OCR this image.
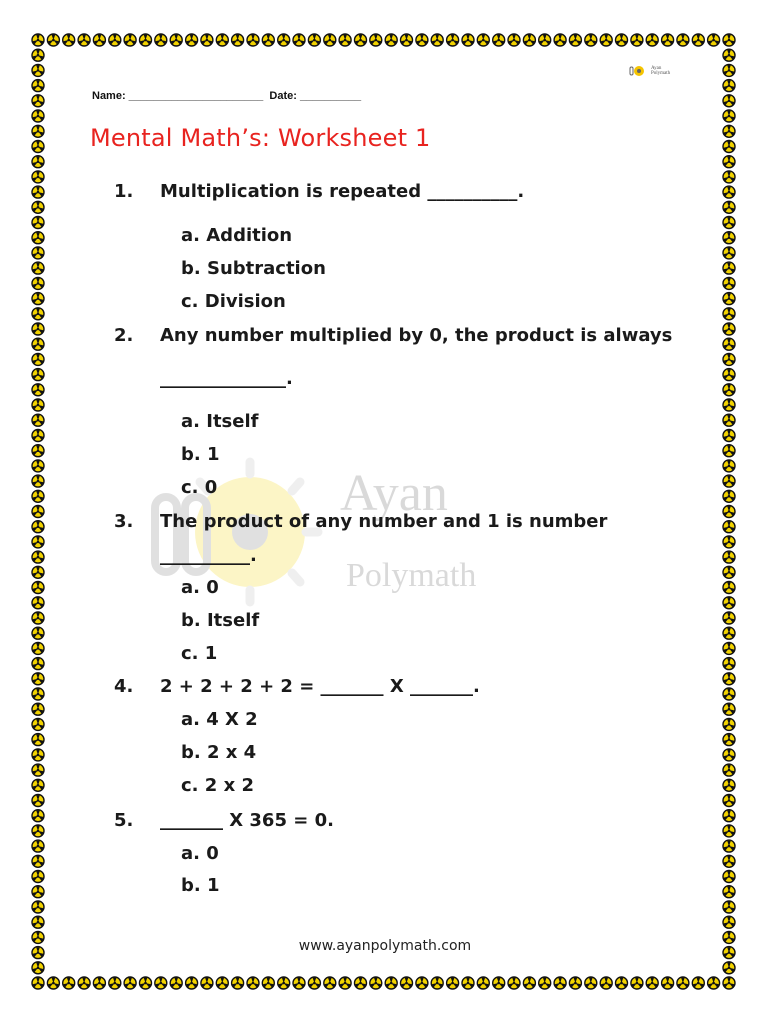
Ayan
Polymath
Name: ______________________  Date: __________
Mental Math’s: Worksheet 1
Ayan
Polymath
1. Multiplication is repeated __________.
a. Addition
b. Subtraction
c. Division
2. Any number multiplied by 0, the product is always
______________.
a. Itself
b. 1
c. 0
3. The product of any number and 1 is number
__________.
a. 0
b. Itself
c. 1
4. 2 + 2 + 2 + 2 = _______ X _______.
a. 4 X 2
b. 2 x 4
c. 2 x 2
5. _______ X 365 = 0.
a. 0
b. 1
www.ayanpolymath.com
